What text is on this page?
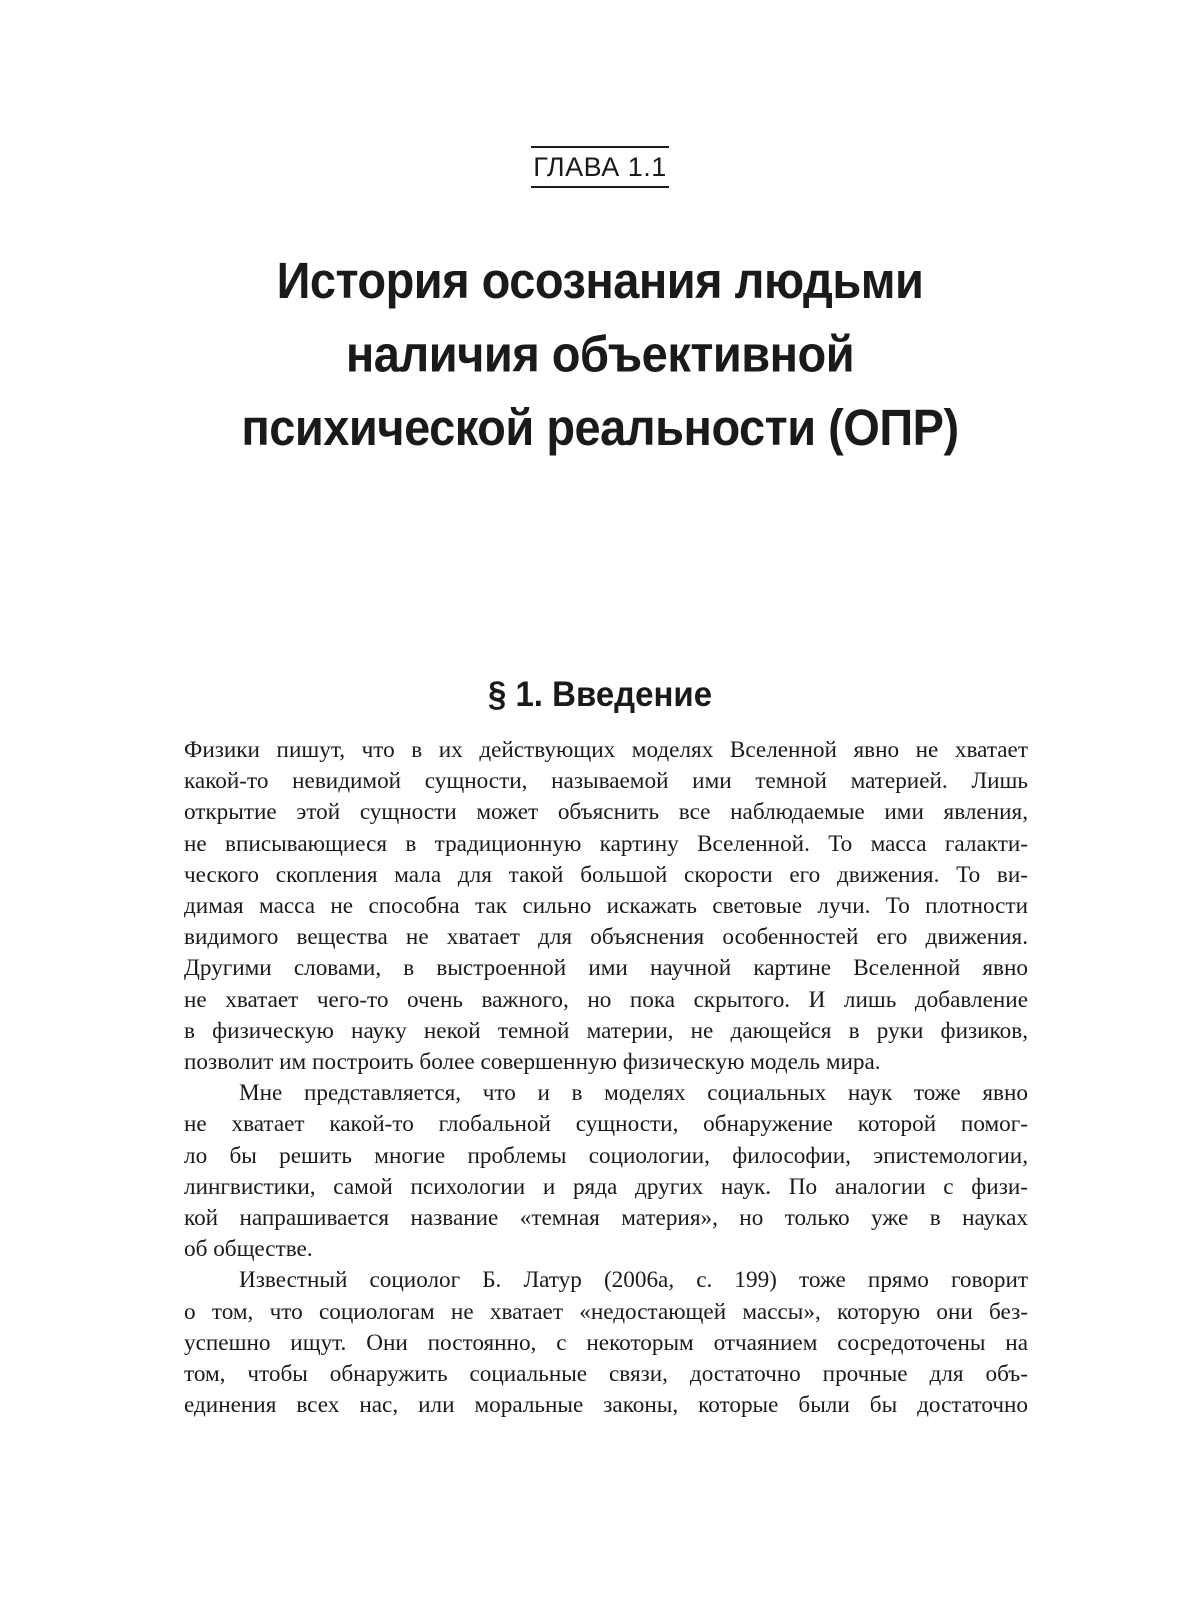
ГЛАВА 1.1
История осознания людьми
наличия объективной
психической реальности (ОПР)
§ 1. Введение

Физики пишут, что в их действующих моделях Вселенной явно не хватает
какой-то невидимой сущности, называемой ими темной материей. Лишь
открытие этой сущности может объяснить все наблюдаемые ими явления,
не вписывающиеся в традиционную картину Вселенной. То масса галакти-
ческого скопления мала для такой большой скорости его движения. То ви-
димая масса не способна так сильно искажать световые лучи. То плотности
видимого вещества не хватает для объяснения особенностей его движения.
Другими словами, в выстроенной ими научной картине Вселенной явно
не хватает чего-то очень важного, но пока скрытого. И лишь добавление
в физическую науку некой темной материи, не дающейся в руки физиков,
позволит им построить более совершенную физическую модель мира.

Мне представляется, что и в моделях социальных наук тоже явно
не хватает какой-то глобальной сущности, обнаружение которой помог-
ло бы решить многие проблемы социологии, философии, эпистемологии,
лингвистики, самой психологии и ряда других наук. По аналогии с физи-
кой напрашивается название «темная материя», но только уже в науках
об обществе.

Известный социолог Б. Латур (2006а, с. 199) тоже прямо говорит
о том, что социологам не хватает «недостающей массы», которую они без-
успешно ищут. Они постоянно, с некоторым отчаянием сосредоточены на
том, чтобы обнаружить социальные связи, достаточно прочные для объ-
единения всех нас, или моральные законы, которые были бы достаточно
